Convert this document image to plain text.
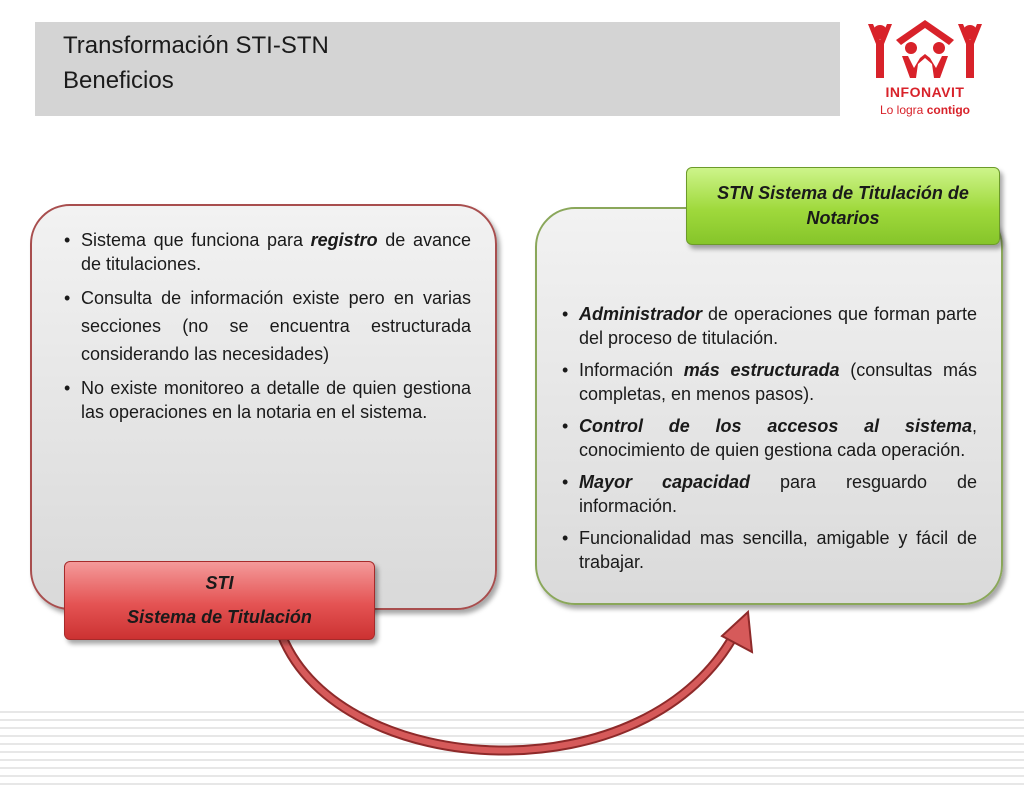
Transformación STI-STN
Beneficios	INFONAVIT
Lo logra contigo
• Sistema que funciona para registro de avance de titulaciones.
• Consulta de información existe pero en varias secciones (no se encuentra estructurada considerando las necesidades)
• No existe monitoreo a detalle de quien gestiona las operaciones en la notaria en el sistema.
• Administrador de operaciones que forman parte del proceso de titulación.
• Información más estructurada (consultas más completas, en menos pasos).
• Control de los accesos al sistema, conocimiento de quien gestiona cada operación.
• Mayor capacidad para resguardo de información.
• Funcionalidad mas sencilla, amigable y fácil de trabajar.
STN Sistema de Titulación de
Notarios
STI
Sistema de Titulación
